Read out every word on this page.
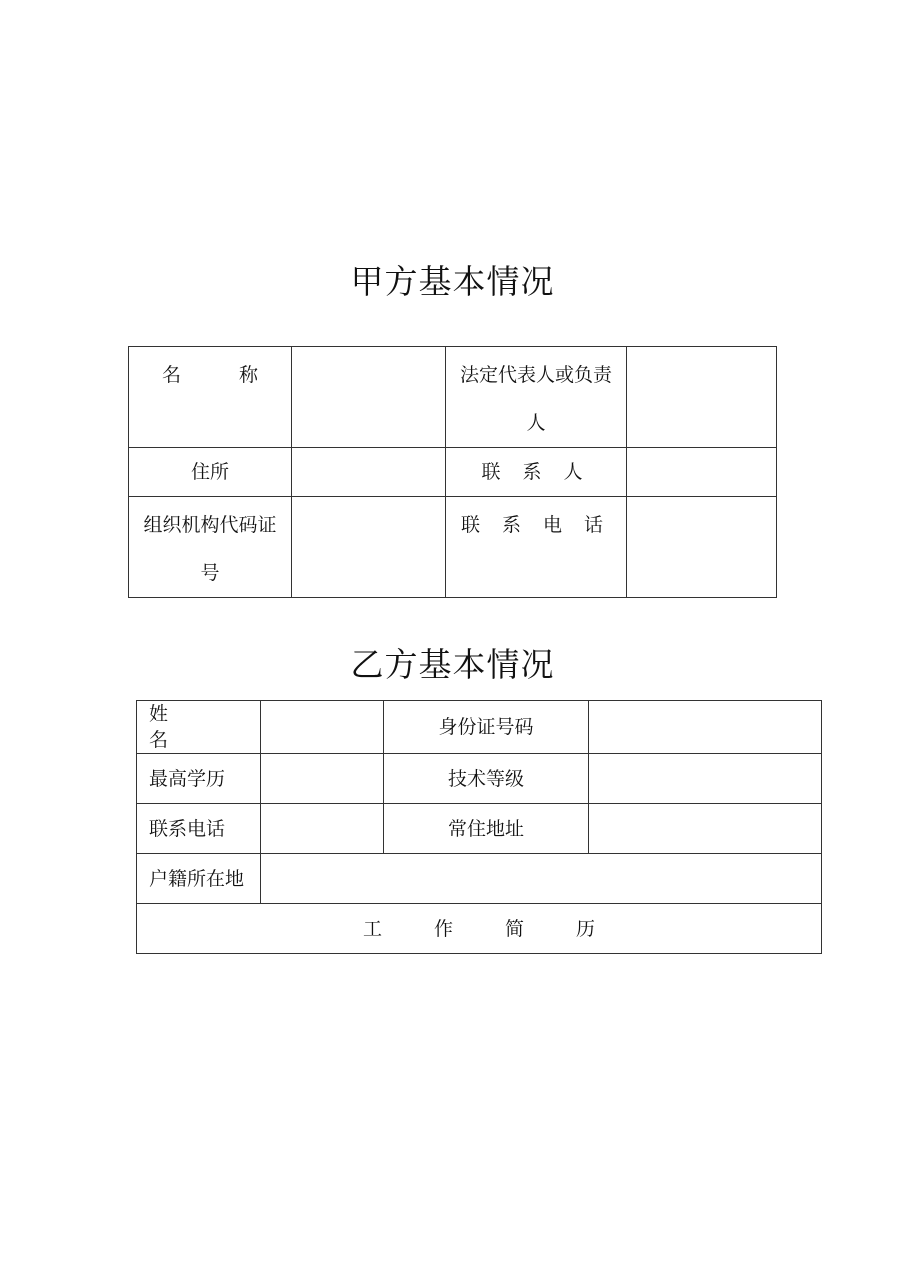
甲方基本情况
名 称		法定代表人或负责人	

住所		联 系 人	

组织机构代码证号		联 系 电 话	
乙方基本情况
姓名		身份证号码	
最高学历		技术等级	
联系电话		常住地址	
户籍所在地			
工作简历			
